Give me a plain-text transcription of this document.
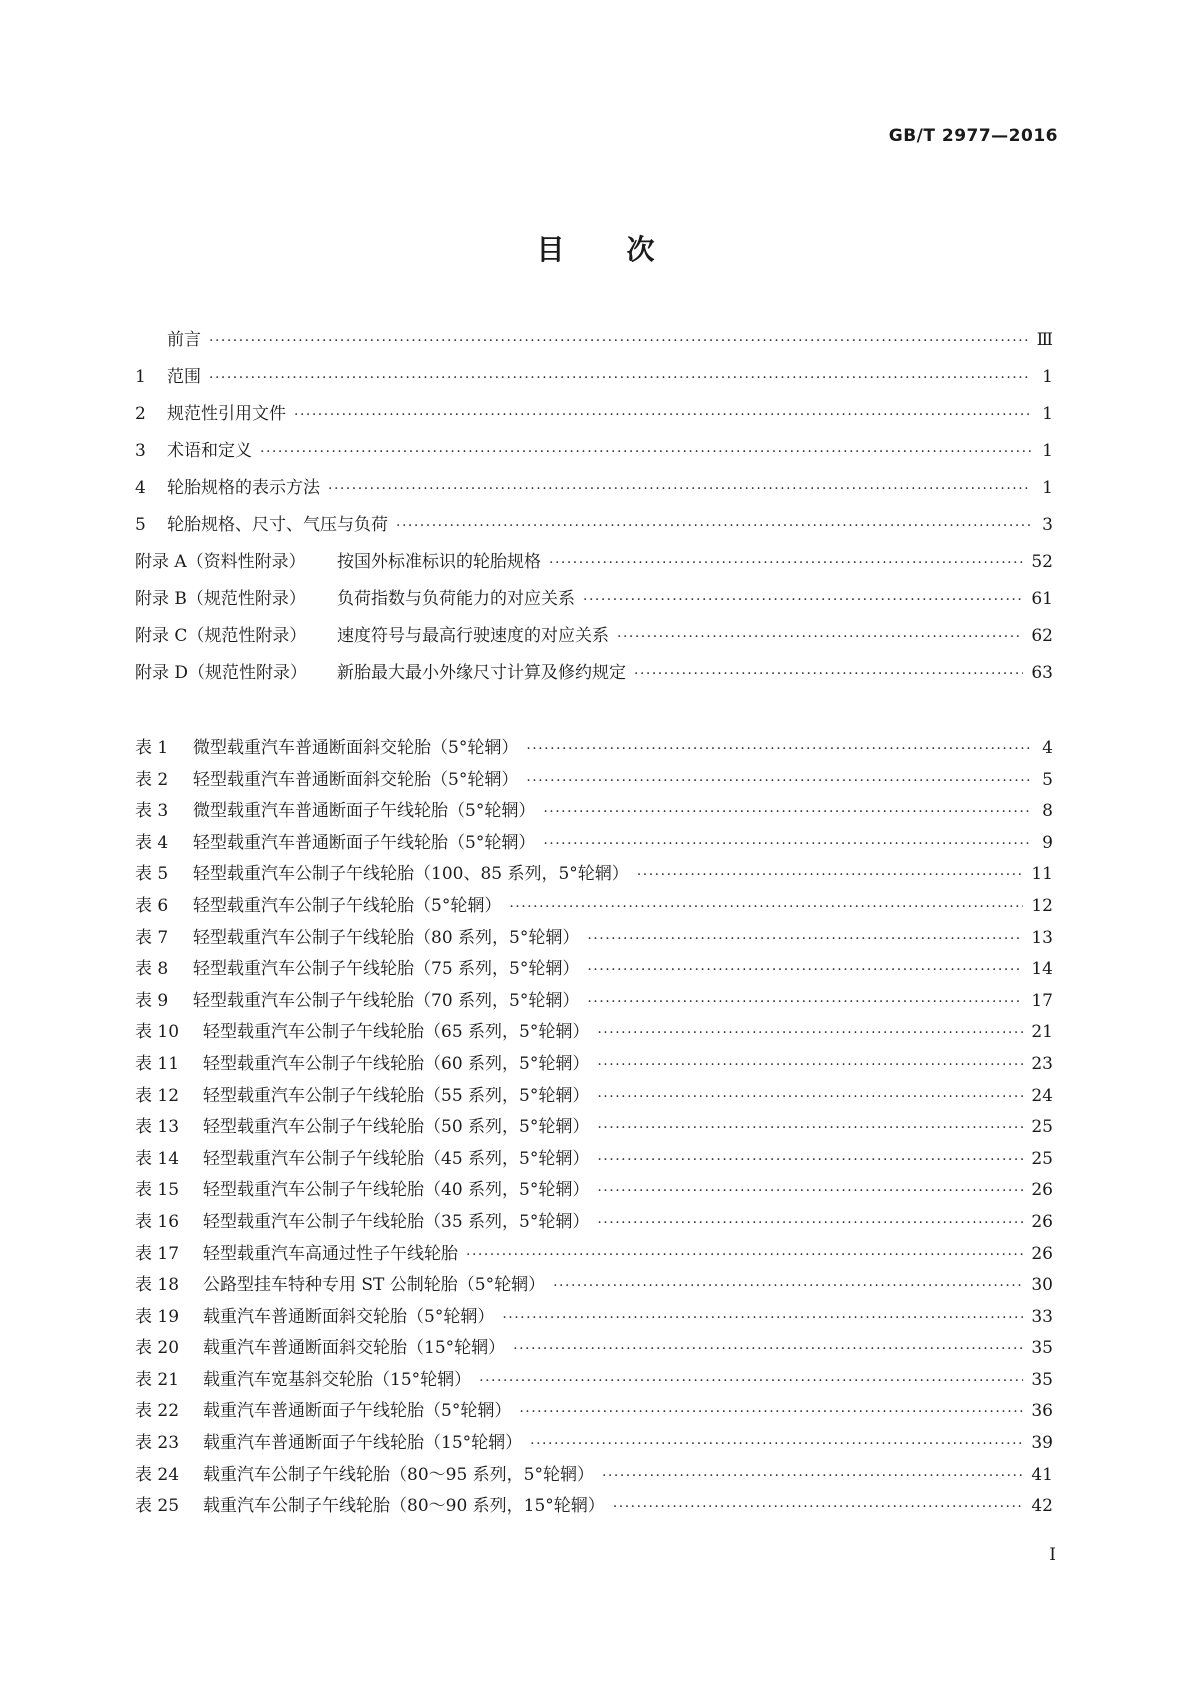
GB/T 2977—2016
目 次
前言 ·····	Ⅲ
1	范围 ·····	1
2	规范性引用文件 ·····	1
3	术语和定义 ·····	1
4	轮胎规格的表示方法 ·····	1
5	轮胎规格、尺寸、气压与负荷 ·····	3
附录 A（资料性附录）	按国外标准标识的轮胎规格 ·····	52
附录 B（规范性附录）	负荷指数与负荷能力的对应关系 ·····	61
附录 C（规范性附录）	速度符号与最高行驶速度的对应关系 ·····	62
附录 D（规范性附录）	新胎最大最小外缘尺寸计算及修约规定 ·····	63
表 1	微型载重汽车普通断面斜交轮胎（5°轮辋） ·····	4
表 2	轻型载重汽车普通断面斜交轮胎（5°轮辋） ·····	5
表 3	微型载重汽车普通断面子午线轮胎（5°轮辋） ·····	8
表 4	轻型载重汽车普通断面子午线轮胎（5°轮辋） ·····	9
表 5	轻型载重汽车公制子午线轮胎（100、85 系列，5°轮辋） ·····	11
表 6	轻型载重汽车公制子午线轮胎（5°轮辋） ·····	12
表 7	轻型载重汽车公制子午线轮胎（80 系列，5°轮辋） ·····	13
表 8	轻型载重汽车公制子午线轮胎（75 系列，5°轮辋） ·····	14
表 9	轻型载重汽车公制子午线轮胎（70 系列，5°轮辋） ·····	17
表 10	轻型载重汽车公制子午线轮胎（65 系列，5°轮辋） ·····	21
表 11	轻型载重汽车公制子午线轮胎（60 系列，5°轮辋） ·····	23
表 12	轻型载重汽车公制子午线轮胎（55 系列，5°轮辋） ·····	24
表 13	轻型载重汽车公制子午线轮胎（50 系列，5°轮辋） ·····	25
表 14	轻型载重汽车公制子午线轮胎（45 系列，5°轮辋） ·····	25
表 15	轻型载重汽车公制子午线轮胎（40 系列，5°轮辋） ·····	26
表 16	轻型载重汽车公制子午线轮胎（35 系列，5°轮辋） ·····	26
表 17	轻型载重汽车高通过性子午线轮胎 ·····	26
表 18	公路型挂车特种专用 ST 公制轮胎（5°轮辋） ·····	30
表 19	载重汽车普通断面斜交轮胎（5°轮辋） ·····	33
表 20	载重汽车普通断面斜交轮胎（15°轮辋） ·····	35
表 21	载重汽车宽基斜交轮胎（15°轮辋） ·····	35
表 22	载重汽车普通断面子午线轮胎（5°轮辋） ·····	36
表 23	载重汽车普通断面子午线轮胎（15°轮辋） ·····	39
表 24	载重汽车公制子午线轮胎（80～95 系列，5°轮辋） ·····	41
表 25	载重汽车公制子午线轮胎（80～90 系列，15°轮辋） ·····	42
I
